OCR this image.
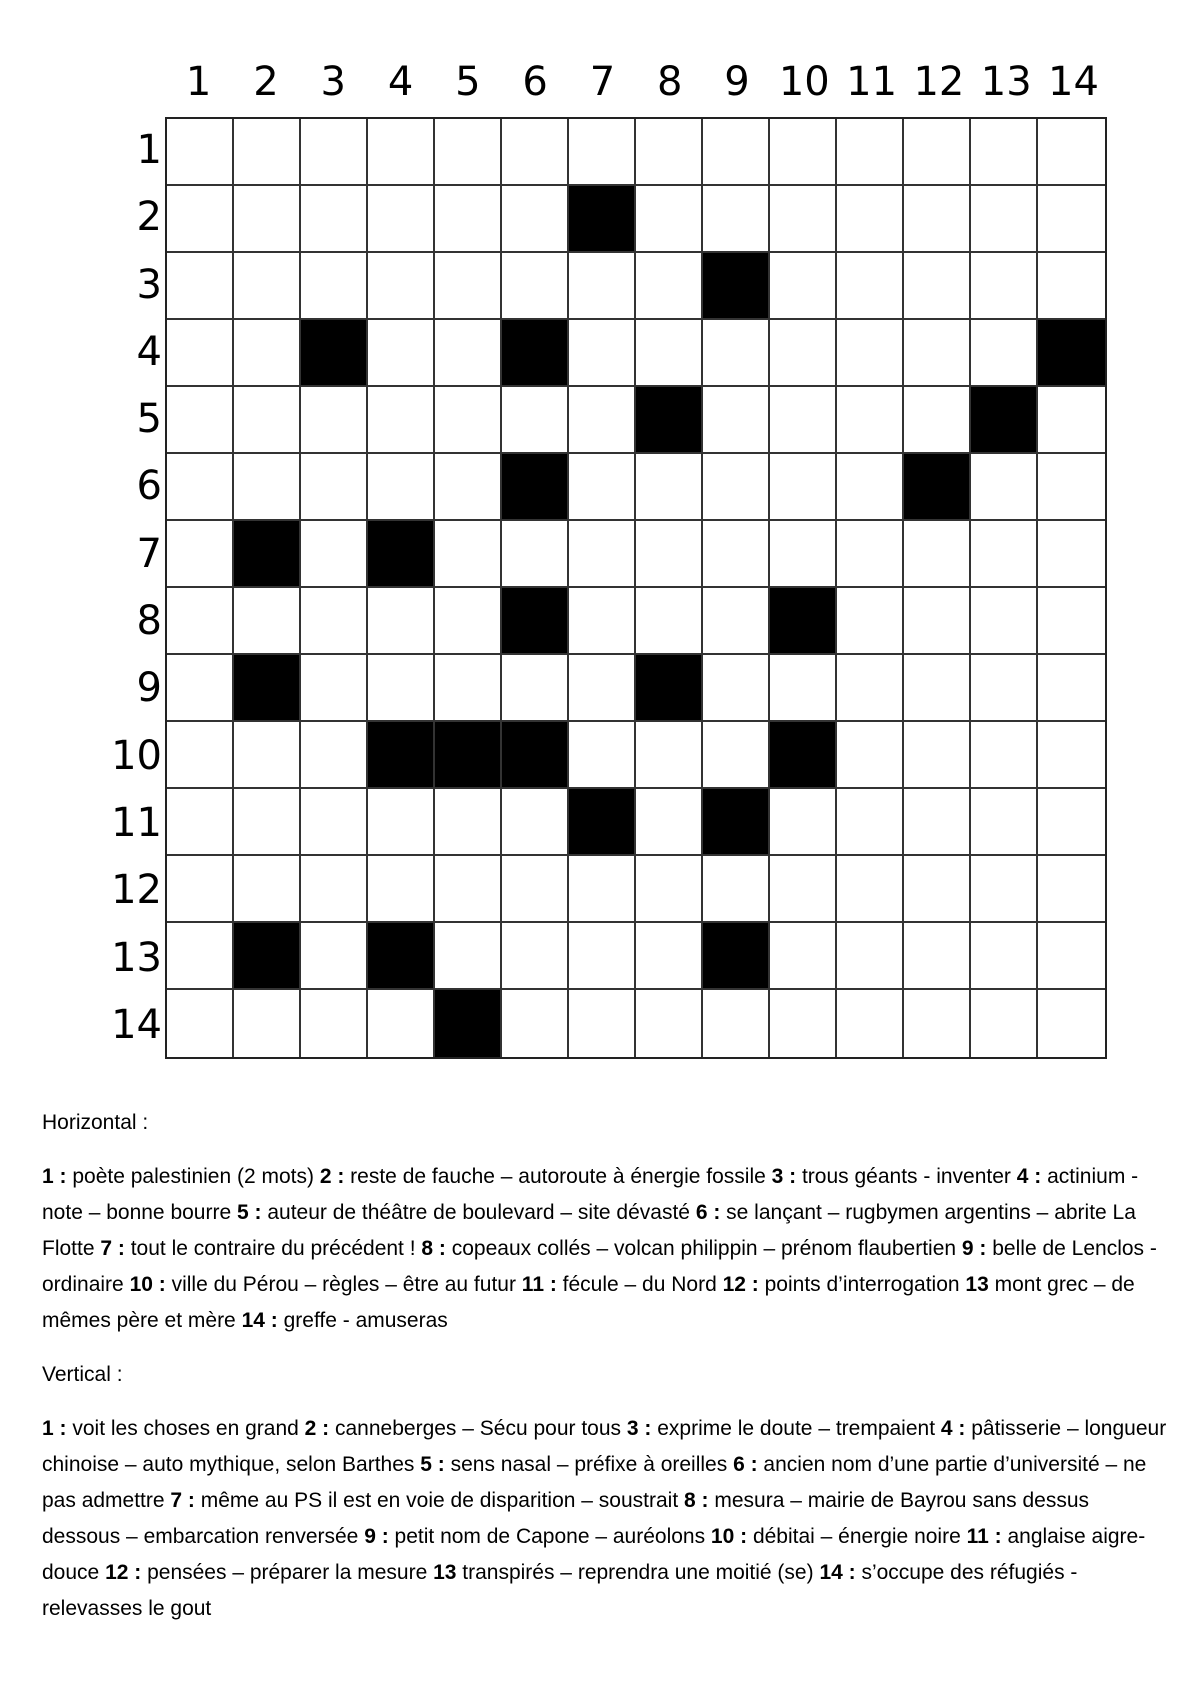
1	2	3	4	5	6	7	8	9 10 11 12 13 14
1
2
3
4
5
6
7
8
9
10
11
12
13
14

Horizontal :

1 : poète palestinien (2 mots) 2 : reste de fauche – autoroute à énergie fossile 3 : trous géants - inventer 4 : actinium - note – bonne bourre 5 : auteur de théâtre de boulevard – site dévasté 6 : se lançant – rugbymen argentins – abrite La Flotte 7 : tout le contraire du précédent ! 8 : copeaux collés – volcan philippin – prénom flaubertien 9 : belle de Lenclos - ordinaire 10 : ville du Pérou – règles – être au futur 11 : fécule – du Nord 12 : points d’interrogation 13 mont grec – de mêmes père et mère 14 : greffe - amuseras

Vertical :

1 : voit les choses en grand 2 : canneberges – Sécu pour tous 3 : exprime le doute – trempaient 4 : pâtisserie – longueur chinoise – auto mythique, selon Barthes 5 : sens nasal – préfixe à oreilles 6 : ancien nom d’une partie d’université – ne pas admettre 7 : même au PS il est en voie de disparition – soustrait 8 : mesura – mairie de Bayrou sans dessus dessous – embarcation renversée 9 : petit nom de Capone – auréolons 10 : débitai – énergie noire 11 : anglaise aigre-douce 12 : pensées – préparer la mesure 13 transpirés – reprendra une moitié (se) 14 : s’occupe des réfugiés - relevasses le gout
